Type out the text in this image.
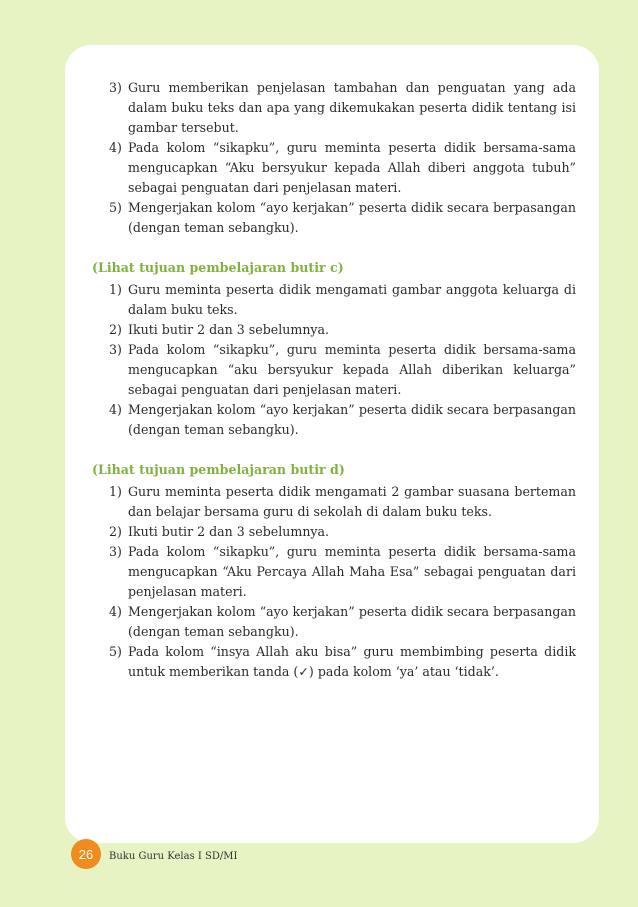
3) Guru memberikan penjelasan tambahan dan penguatan yang ada dalam buku teks dan apa yang dikemukakan peserta didik tentang isi gambar tersebut.
4) Pada kolom “sikapku”, guru meminta peserta didik bersama-sama mengucapkan “Aku bersyukur kepada Allah diberi anggota tubuh” sebagai penguatan dari penjelasan materi.
5) Mengerjakan kolom “ayo kerjakan” peserta didik secara berpasangan (dengan teman sebangku).
(Lihat tujuan pembelajaran butir c)
1) Guru meminta peserta didik mengamati gambar anggota keluarga di dalam buku teks.
2) Ikuti butir 2 dan 3 sebelumnya.
3) Pada kolom “sikapku”, guru meminta peserta didik bersama-sama mengucapkan “aku bersyukur kepada Allah diberikan keluarga” sebagai penguatan dari penjelasan materi.
4) Mengerjakan kolom “ayo kerjakan” peserta didik secara berpasangan (dengan teman sebangku).
(Lihat tujuan pembelajaran butir d)
1) Guru meminta peserta didik mengamati 2 gambar suasana berteman dan belajar bersama guru di sekolah di dalam buku teks.
2) Ikuti butir 2 dan 3 sebelumnya.
3) Pada kolom “sikapku”, guru meminta peserta didik bersama-sama mengucapkan “Aku Percaya Allah Maha Esa” sebagai penguatan dari penjelasan materi.
4) Mengerjakan kolom “ayo kerjakan” peserta didik secara berpasangan (dengan teman sebangku).
5) Pada kolom “insya Allah aku bisa” guru membimbing peserta didik untuk memberikan tanda (✓) pada kolom ‘ya’ atau ‘tidak’.
26	Buku Guru Kelas I SD/MI
